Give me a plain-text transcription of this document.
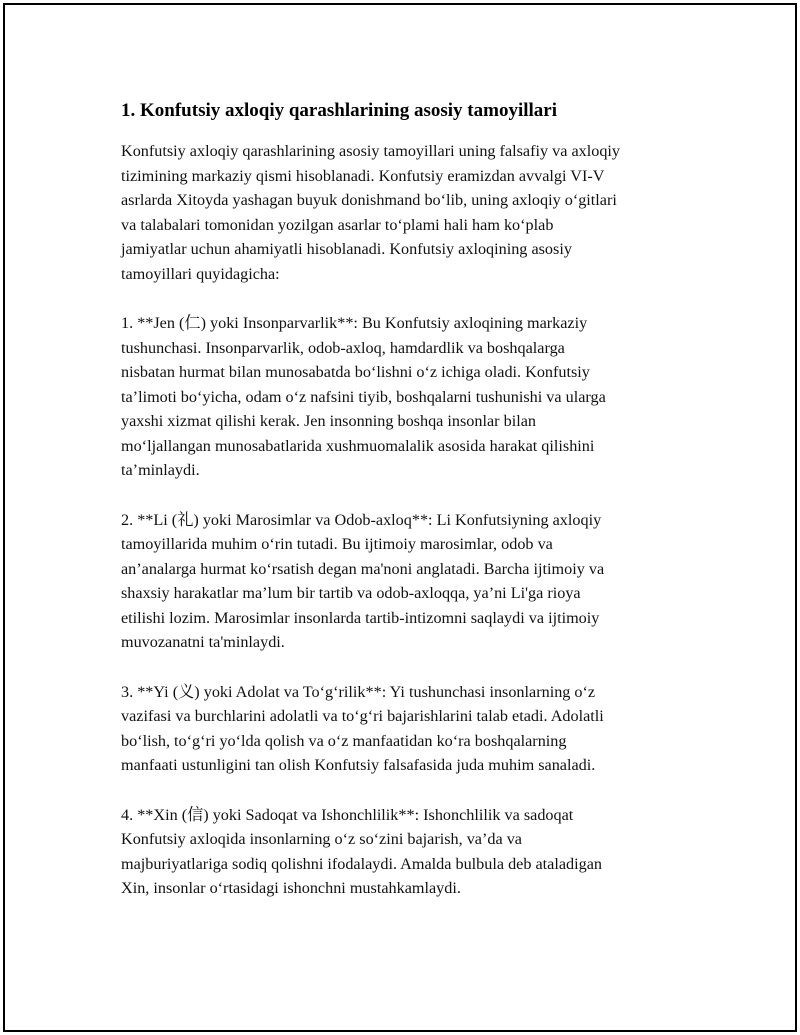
1. Konfutsiy axloqiy qarashlarining asosiy tamoyillari
Konfutsiy axloqiy qarashlarining asosiy tamoyillari uning falsafiy va axloqiy
tizimining markaziy qismi hisoblanadi. Konfutsiy eramizdan avvalgi VI-V
asrlarda Xitoyda yashagan buyuk donishmand bo‘lib, uning axloqiy o‘gitlari
va talabalari tomonidan yozilgan asarlar to‘plami hali ham ko‘plab
jamiyatlar uchun ahamiyatli hisoblanadi. Konfutsiy axloqining asosiy
tamoyillari quyidagicha:
1. **Jen (仁) yoki Insonparvarlik**: Bu Konfutsiy axloqining markaziy
tushunchasi. Insonparvarlik, odob-axloq, hamdardlik va boshqalarga
nisbatan hurmat bilan munosabatda bo‘lishni o‘z ichiga oladi. Konfutsiy
ta’limoti bo‘yicha, odam o‘z nafsini tiyib, boshqalarni tushunishi va ularga
yaxshi xizmat qilishi kerak. Jen insonning boshqa insonlar bilan
mo‘ljallangan munosabatlarida xushmuomalalik asosida harakat qilishini
ta’minlaydi.
2. **Li (礼) yoki Marosimlar va Odob-axloq**: Li Konfutsiyning axloqiy
tamoyillarida muhim o‘rin tutadi. Bu ijtimoiy marosimlar, odob va
an’analarga hurmat ko‘rsatish degan ma'noni anglatadi. Barcha ijtimoiy va
shaxsiy harakatlar ma’lum bir tartib va odob-axloqqa, ya’ni Li'ga rioya
etilishi lozim. Marosimlar insonlarda tartib-intizomni saqlaydi va ijtimoiy
muvozanatni ta'minlaydi.
3. **Yi (义) yoki Adolat va To‘g‘rilik**: Yi tushunchasi insonlarning o‘z
vazifasi va burchlarini adolatli va to‘g‘ri bajarishlarini talab etadi. Adolatli
bo‘lish, to‘g‘ri yo‘lda qolish va o‘z manfaatidan ko‘ra boshqalarning
manfaati ustunligini tan olish Konfutsiy falsafasida juda muhim sanaladi.
4. **Xin (信) yoki Sadoqat va Ishonchlilik**: Ishonchlilik va sadoqat
Konfutsiy axloqida insonlarning o‘z so‘zini bajarish, va’da va
majburiyatlariga sodiq qolishni ifodalaydi. Amalda bulbula deb ataladigan
Xin, insonlar o‘rtasidagi ishonchni mustahkamlaydi.
